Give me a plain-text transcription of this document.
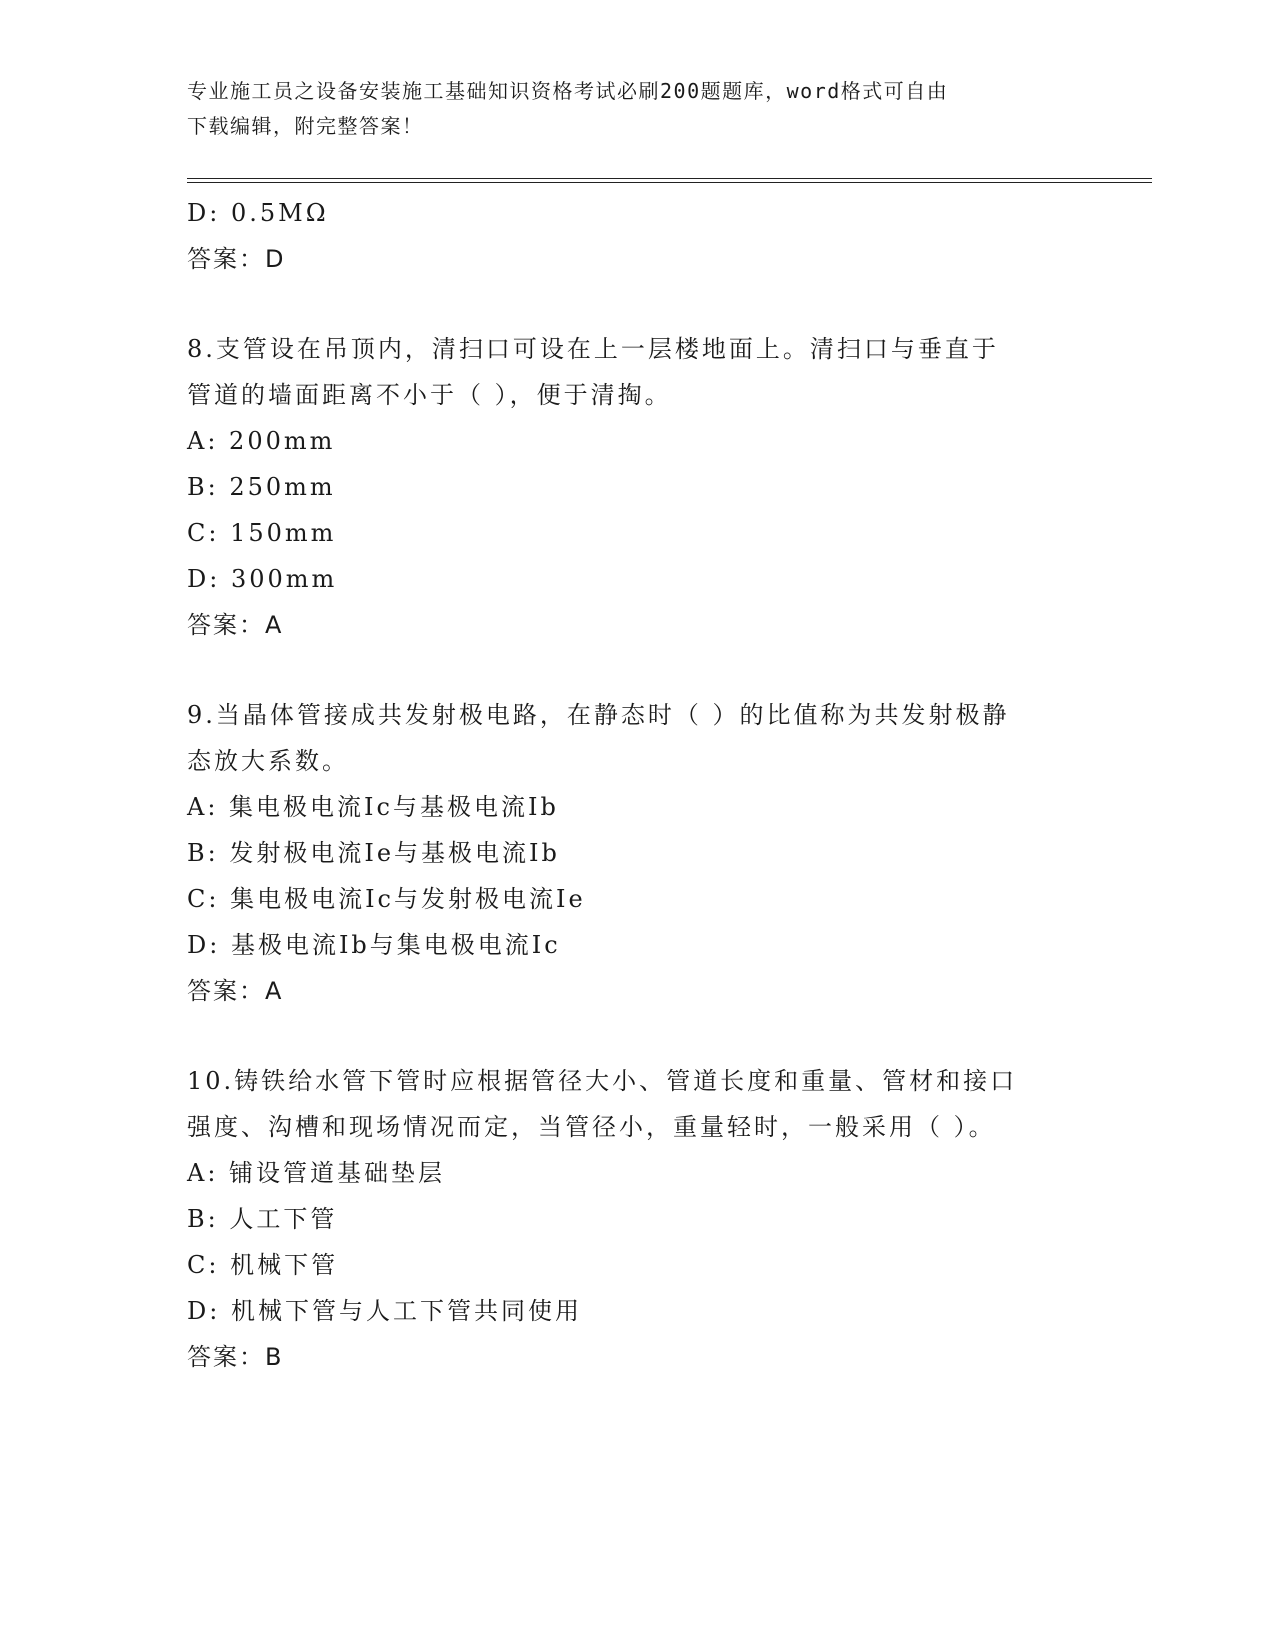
专业施工员之设备安装施工基础知识资格考试必刷200题题库，word格式可自由
下载编辑，附完整答案！
D: 0.5MΩ
答案：D
8.支管设在吊顶内，清扫口可设在上一层楼地面上。清扫口与垂直于
管道的墙面距离不小于（ ），便于清掏。
A: 200mm
B: 250mm
C: 150mm
D: 300mm
答案：A
9.当晶体管接成共发射极电路，在静态时（ ）的比值称为共发射极静
态放大系数。
A: 集电极电流Ic与基极电流Ib
B: 发射极电流Ie与基极电流Ib
C: 集电极电流Ic与发射极电流Ie
D: 基极电流Ib与集电极电流Ic
答案：A
10.铸铁给水管下管时应根据管径大小、管道长度和重量、管材和接口
强度、沟槽和现场情况而定，当管径小，重量轻时，一般采用（ ）。
A: 铺设管道基础垫层
B: 人工下管
C: 机械下管
D: 机械下管与人工下管共同使用
答案：B
